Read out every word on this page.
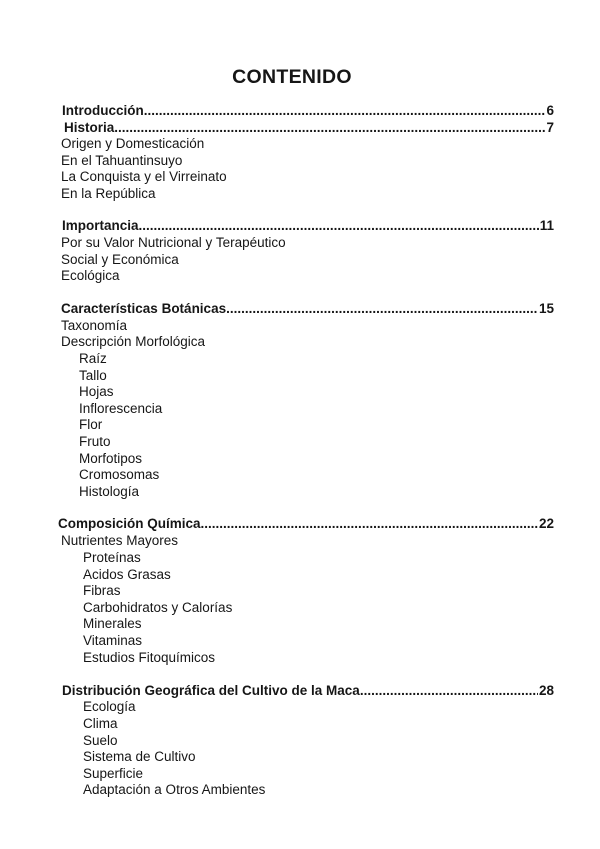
CONTENIDO
Introducción .....	6
Historia .....	7
Origen y Domesticación
En el Tahuantinsuyo
La Conquista y el Virreinato
En la República
Importancia .....	11
Por su Valor Nutricional y Terapéutico
Social y Económica
Ecológica
Características Botánicas .....	15
Taxonomía
Descripción Morfológica
Raíz
Tallo
Hojas
Inflorescencia
Flor
Fruto
Morfotipos
Cromosomas
Histología
Composición Química .....	22
Nutrientes Mayores
Proteínas
Acidos Grasas
Fibras
Carbohidratos y Calorías
Minerales
Vitaminas
Estudios Fitoquímicos
Distribución Geográfica del Cultivo de la Maca .....	28
Ecología
Clima
Suelo
Sistema de Cultivo
Superficie
Adaptación a Otros Ambientes
